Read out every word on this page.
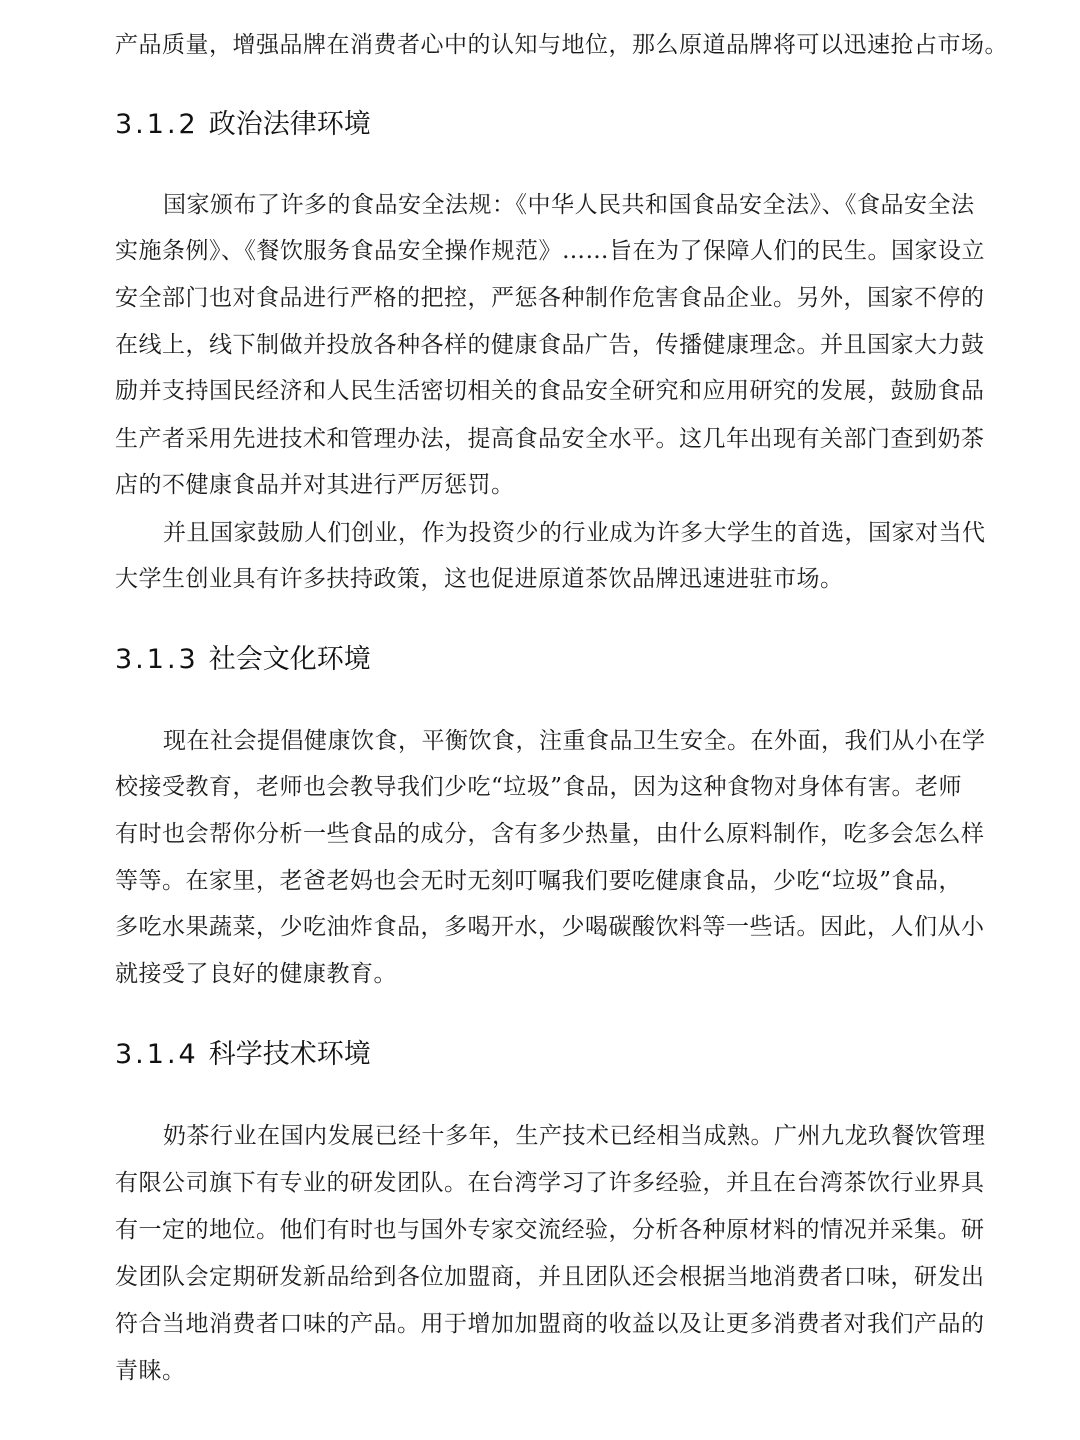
产品质量，增强品牌在消费者心中的认知与地位，那么原道品牌将可以迅速抢占市场。
3.1.2 政治法律环境
国家颁布了许多的食品安全法规：《中华人民共和国食品安全法》、《食品安全法
实施条例》、《餐饮服务食品安全操作规范》……旨在为了保障人们的民生。国家设立
安全部门也对食品进行严格的把控，严惩各种制作危害食品企业。另外，国家不停的
在线上，线下制做并投放各种各样的健康食品广告，传播健康理念。并且国家大力鼓
励并支持国民经济和人民生活密切相关的食品安全研究和应用研究的发展，鼓励食品
生产者采用先进技术和管理办法，提高食品安全水平。这几年出现有关部门查到奶茶
店的不健康食品并对其进行严厉惩罚。
并且国家鼓励人们创业，作为投资少的行业成为许多大学生的首选，国家对当代
大学生创业具有许多扶持政策，这也促进原道茶饮品牌迅速进驻市场。
3.1.3 社会文化环境
现在社会提倡健康饮食，平衡饮食，注重食品卫生安全。在外面，我们从小在学
校接受教育，老师也会教导我们少吃“垃圾”食品，因为这种食物对身体有害。老师
有时也会帮你分析一些食品的成分，含有多少热量，由什么原料制作，吃多会怎么样
等等。在家里，老爸老妈也会无时无刻叮嘱我们要吃健康食品，少吃“垃圾”食品，
多吃水果蔬菜，少吃油炸食品，多喝开水，少喝碳酸饮料等一些话。因此，人们从小
就接受了良好的健康教育。
3.1.4 科学技术环境
奶茶行业在国内发展已经十多年，生产技术已经相当成熟。广州九龙玖餐饮管理
有限公司旗下有专业的研发团队。在台湾学习了许多经验，并且在台湾茶饮行业界具
有一定的地位。他们有时也与国外专家交流经验，分析各种原材料的情况并采集。研
发团队会定期研发新品给到各位加盟商，并且团队还会根据当地消费者口味，研发出
符合当地消费者口味的产品。用于增加加盟商的收益以及让更多消费者对我们产品的
青睐。
